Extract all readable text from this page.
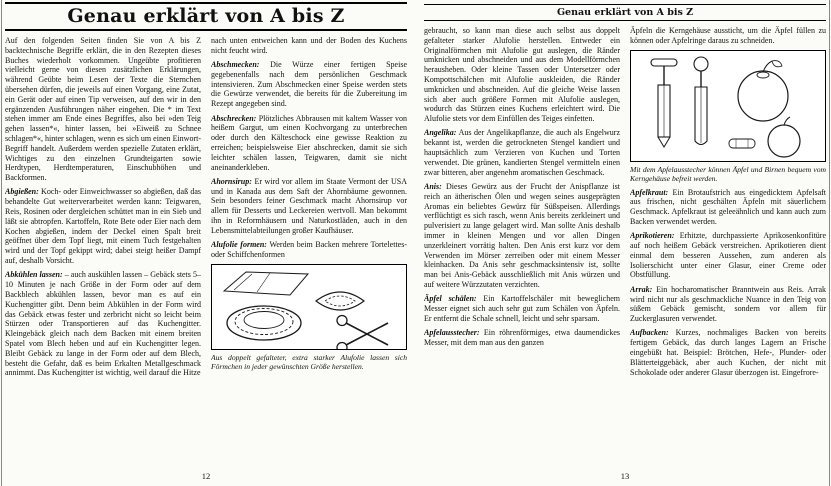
Genau erklärt von A bis Z

Auf den folgenden Seiten finden Sie von A bis Z backtechnische Begriffe erklärt, die in den Rezepten dieses Buches wiederholt vorkommen. Ungeübte profitieren vielleicht gerne von diesen zusätzlichen Erklärungen, während Geübte beim Lesen der Texte die Sternchen übersehen dürfen, die jeweils auf einen Vorgang, eine Zutat, ein Gerät oder auf einen Tip verweisen, auf den wir in den ergänzenden Ausführungen näher eingehen. Die * im Text stehen immer am Ende eines Begriffes, also bei »den Teig gehen lassen*«, hinter lassen, bei »Eiweiß zu Schnee schlagen*«, hinter schlagen, wenn es sich um einen Einwort-Begriff handelt. Außerdem werden spezielle Zutaten erklärt, Wichtiges zu den einzelnen Grundteigarten sowie Herdtypen, Herdtemperaturen, Einschubhöhen und Backformen.

Abgießen: Koch- oder Einweichwasser so abgießen, daß das behandelte Gut weiterverarbeitet werden kann: Teigwaren, Reis, Rosinen oder dergleichen schüttet man in ein Sieb und läßt sie abtropfen. Kartoffeln, Rote Bete oder Eier nach dem Kochen abgießen, indem der Deckel einen Spalt breit geöffnet über dem Topf liegt, mit einem Tuch festgehalten wird und der Topf gekippt wird; dabei steigt heißer Dampf auf, deshalb Vorsicht.

Abkühlen lassen: – auch auskühlen lassen – Gebäck stets 5–10 Minuten je nach Größe in der Form oder auf dem Backblech abkühlen lassen, bevor man es auf ein Kuchengitter gibt. Denn beim Abkühlen in der Form wird das Gebäck etwas fester und zerbricht nicht so leicht beim Stürzen oder Transportieren auf das Kuchengitter. Kleingebäck gleich nach dem Backen mit einem breiten Spatel vom Blech heben und auf ein Kuchengitter legen. Bleibt Gebäck zu lange in der Form oder auf dem Blech, besteht die Gefahr, daß es beim Erkalten Metallgeschmack annimmt. Das Kuchengitter ist wichtig, weil darauf die Hitze

nach unten entweichen kann und der Boden des Kuchens nicht feucht wird.

Abschmecken: Die Würze einer fertigen Speise gegebenenfalls nach dem persönlichen Geschmack intensivieren. Zum Abschmecken einer Speise werden stets die Gewürze verwendet, die bereits für die Zubereitung im Rezept angegeben sind.

Abschrecken: Plötzliches Abbrausen mit kaltem Wasser von heißem Gargut, um einen Kochvorgang zu unterbrechen oder durch den Kälteschock eine gewisse Reaktion zu erreichen; beispielsweise Eier abschrecken, damit sie sich leichter schälen lassen, Teigwaren, damit sie nicht aneinanderkleben.

Ahornsirup: Er wird vor allem im Staate Vermont der USA und in Kanada aus dem Saft der Ahornbäume gewonnen. Sein besonders feiner Geschmack macht Ahornsirup vor allem für Desserts und Leckereien wertvoll. Man bekommt ihn in Reformhäusern und Naturkostläden, auch in den Lebensmittelabteilungen großer Kaufhäuser.

Alufolie formen: Werden beim Backen mehrere Tortelettes- oder Schiffchenformen

Aus doppelt gefalteter, extra starker Alufolie lassen sich Förmchen in jeder gewünschten Größe herstellen.

12
Genau erklärt von A bis Z

gebraucht, so kann man diese auch selbst aus doppelt gefalteter starker Alufolie herstellen. Entweder ein Originalförmchen mit Alufolie gut auslegen, die Ränder umknicken und abschneiden und aus dem Modellförmchen herausheben. Oder kleine Tassen oder Untersetzer oder Kompottschälchen mit Alufolie auskleiden, die Ränder umknicken und abschneiden. Auf die gleiche Weise lassen sich aber auch größere Formen mit Alufolie auslegen, wodurch das Stürzen eines Kuchens erleichtert wird. Die Alufolie stets vor dem Einfüllen des Teiges einfetten.

Angelika: Aus der Angelikapflanze, die auch als Engelwurz bekannt ist, werden die getrockneten Stengel kandiert und hauptsächlich zum Verzieren von Kuchen und Torten verwendet. Die grünen, kandierten Stengel vermitteln einen zwar bitteren, aber angenehm aromatischen Geschmack.

Anis: Dieses Gewürz aus der Frucht der Anispflanze ist reich an ätherischen Ölen und wegen seines ausgeprägten Aromas ein beliebtes Gewürz für Süßspeisen. Allerdings verflüchtigt es sich rasch, wenn Anis bereits zerkleinert und pulverisiert zu lange gelagert wird. Man sollte Anis deshalb immer in kleinen Mengen und vor allen Dingen unzerkleinert vorrätig halten. Den Anis erst kurz vor dem Verwenden im Mörser zerreiben oder mit einem Messer kleinhacken. Da Anis sehr geschmacksintensiv ist, sollte man bei Anis-Gebäck ausschließlich mit Anis würzen und auf weitere Würzzutaten verzichten.

Äpfel schälen: Ein Kartoffelschäler mit beweglichem Messer eignet sich auch sehr gut zum Schälen von Äpfeln. Er entfernt die Schale schnell, leicht und sehr sparsam.

Apfelausstecher: Ein röhrenförmiges, etwa daumendickes Messer, mit dem man aus den ganzen

Äpfeln die Kerngehäuse aussticht, um die Äpfel füllen zu können oder Apfelringe daraus zu schneiden.

Mit dem Apfelausstecher können Äpfel und Birnen bequem vom Kerngehäuse befreit werden.

Apfelkraut: Ein Brotaufstrich aus eingedicktem Apfelsaft aus frischen, nicht geschälten Äpfeln mit säuerlichem Geschmack. Apfelkraut ist geleeähnlich und kann auch zum Backen verwendet werden.

Aprikotieren: Erhitzte, durchpassierte Aprikosenkonfitüre auf noch heißem Gebäck verstreichen. Aprikotieren dient einmal dem besseren Aussehen, zum anderen als Isolierschicht unter einer Glasur, einer Creme oder Obstfüllung.

Arrak: Ein hocharomatischer Branntwein aus Reis. Arrak wird nicht nur als geschmackliche Nuance in den Teig von süßem Gebäck gemischt, sondern vor allem für Zuckerglasuren verwendet.

Aufbacken: Kurzes, nochmaliges Backen von bereits fertigem Gebäck, das durch langes Lagern an Frische eingebüßt hat. Beispiel: Brötchen, Hefe-, Plunder- oder Blätterteiggebäck, aber auch Kuchen, der nicht mit Schokolade oder anderer Glasur überzogen ist. Eingefrore-

13
